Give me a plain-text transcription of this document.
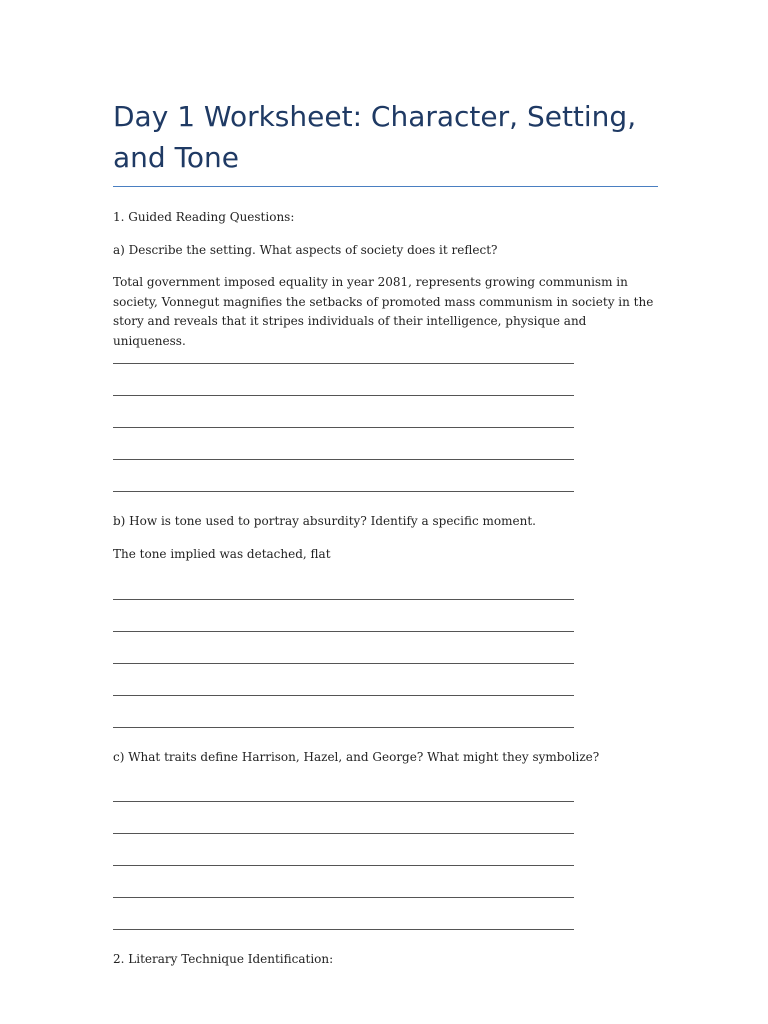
Day 1 Worksheet: Character, Setting, and Tone

1. Guided Reading Questions:

a) Describe the setting. What aspects of society does it reflect?

Total government imposed equality in year 2081, represents growing communism in society, Vonnegut magnifies the setbacks of promoted mass communism in society in the story and reveals that it stripes individuals of their intelligence, physique and uniqueness.

b) How is tone used to portray absurdity? Identify a specific moment.

The tone implied was detached, flat

c) What traits define Harrison, Hazel, and George? What might they symbolize?

2. Literary Technique Identification:
